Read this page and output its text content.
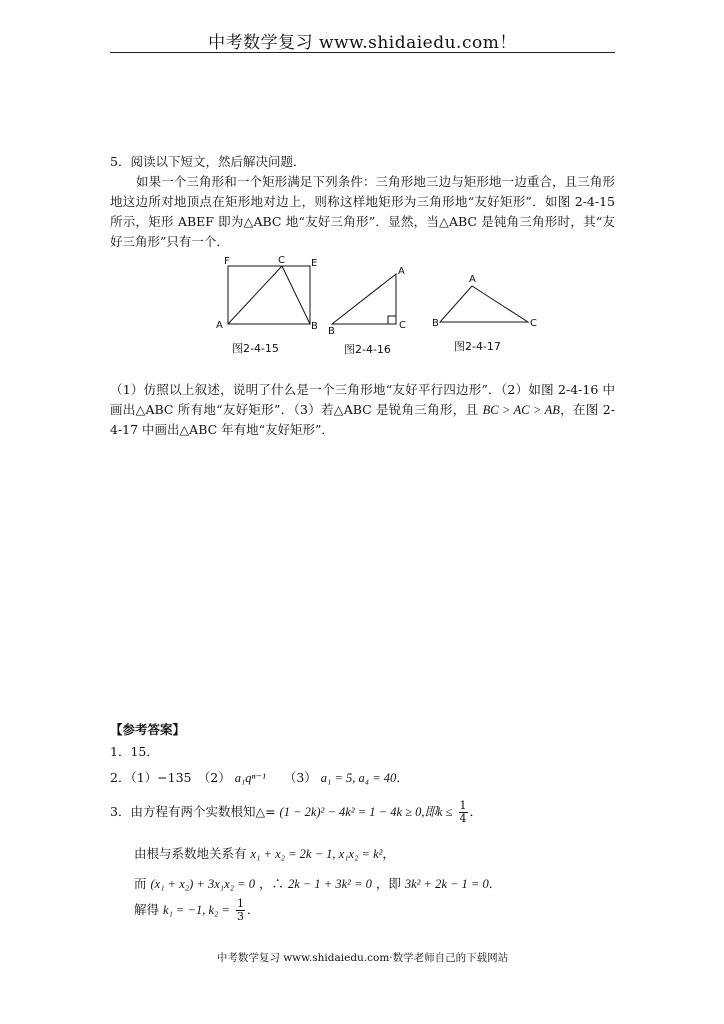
中考数学复习 www.shidaiedu.com！
5．阅读以下短文，然后解决问题．
如果一个三角形和一个矩形满足下列条件：三角形地三边与矩形地一边重合，且三角形地这边所对地顶点在矩形地对边上，则称这样地矩形为三角形地“友好矩形”．如图 2-4-15 所示，矩形 ABEF 即为△ABC 地“友好三角形”．显然，当△ABC 是钝角三角形时，其“友好三角形”只有一个．
F	C	E
A	B
图2-4-15
A
B
C
图2-4-16
A
B	C
图2-4-17
（1）仿照以上叙述，说明了什么是一个三角形地“友好平行四边形”．（2）如图 2-4-16 中画出△ABC 所有地“友好矩形”．（3）若△ABC 是锐角三角形，且 BC > AC > AB，在图 2-4-17 中画出△ABC 年有地“友好矩形”．
【参考答案】
1．15．
2．（1）−135　（2） a₁qⁿ⁻¹ （3） a₁ = 5, a₄ = 40．
3．由方程有两个实数根知△= (1 − 2k)² − 4k² = 1 − 4k ≥ 0,即$k \le \frac{1}{4}$ ．
由根与系数地关系有 x₁ + x₂ = 2k − 1, x₁x₂ = k²，
而 (x₁ + x₂) + 3x₁x₂ = 0 ，∴ 2k − 1 + 3k² = 0 ，即 3k² + 2k − 1 = 0．
解得 k₁ = −1, $k_2 = \frac{1}{3}$ ．
中考数学复习 www.shidaiedu.com·数学老师自己的下载网站
